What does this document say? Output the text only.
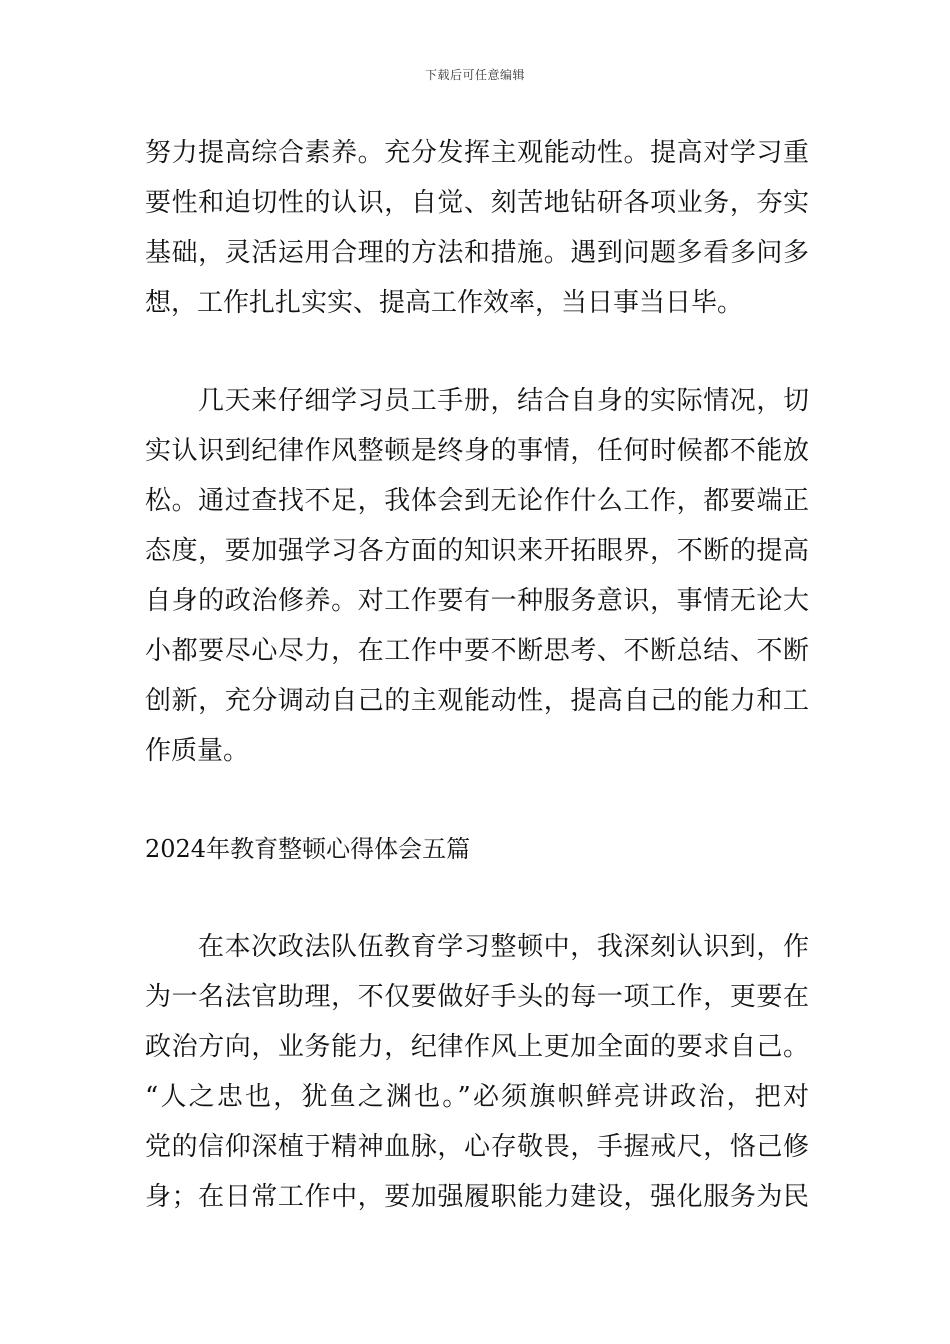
下载后可任意编辑
努力提高综合素养。充分发挥主观能动性。提高对学习重
要性和迫切性的认识，自觉、刻苦地钻研各项业务，夯实
基础，灵活运用合理的方法和措施。遇到问题多看多问多
想，工作扎扎实实、提高工作效率，当日事当日毕。
几天来仔细学习员工手册，结合自身的实际情况，切
实认识到纪律作风整顿是终身的事情，任何时候都不能放
松。通过查找不足，我体会到无论作什么工作，都要端正
态度，要加强学习各方面的知识来开拓眼界，不断的提高
自身的政治修养。对工作要有一种服务意识，事情无论大
小都要尽心尽力，在工作中要不断思考、不断总结、不断
创新，充分调动自己的主观能动性，提高自己的能力和工
作质量。
2024年教育整顿心得体会五篇
在本次政法队伍教育学习整顿中，我深刻认识到，作
为一名法官助理，不仅要做好手头的每一项工作，更要在
政治方向，业务能力，纪律作风上更加全面的要求自己。
“人之忠也，犹鱼之渊也。”必须旗帜鲜亮讲政治，把对
党的信仰深植于精神血脉，心存敬畏，手握戒尺，恪己修
身；在日常工作中，要加强履职能力建设，强化服务为民
